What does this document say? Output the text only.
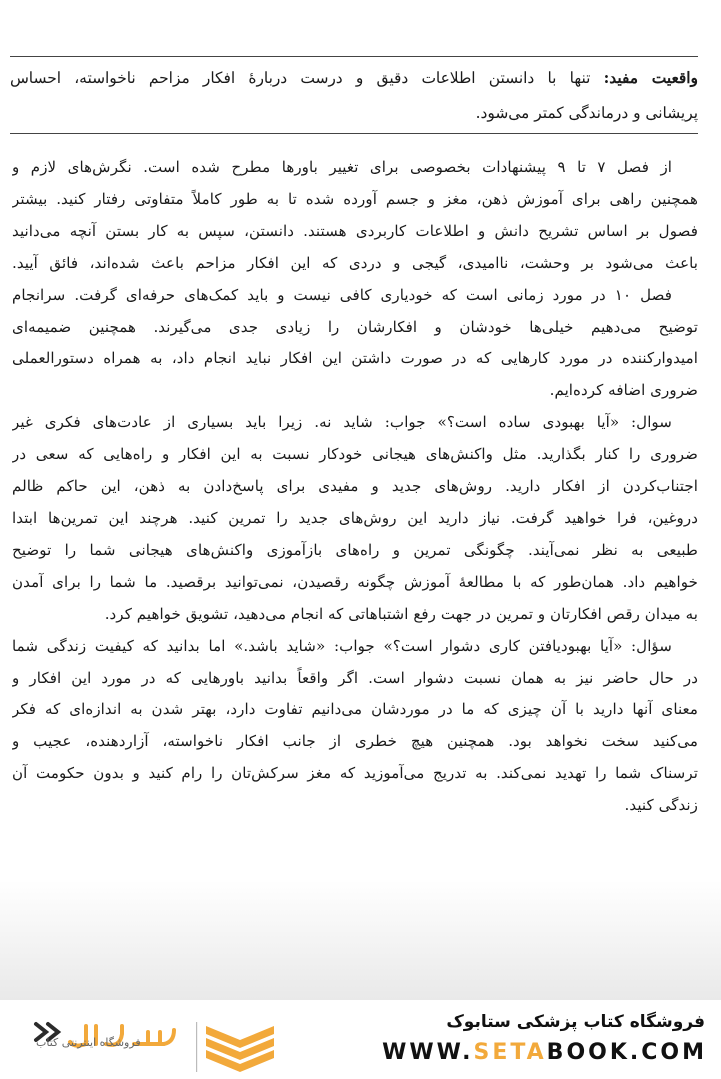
واقعیت مفید: تنها با دانستن اطلاعات دقیق و درست دربارهٔ افکار مزاحم ناخواسته، احساس
پریشانی و درماندگی کمتر می‌شود.
از فصل ۷ تا ۹ پیشنهادات بخصوصی برای تغییر باورها مطرح شده است. نگرش‌های لازم و
همچنین راهی برای آموزش ذهن، مغز و جسم آورده شده تا به طور کاملاً متفاوتی رفتار کنید. بیشتر
فصول بر اساس تشریح دانش و اطلاعات کاربردی هستند. دانستن، سپس به کار بستن آنچه می‌دانید
باعث می‌شود بر وحشت، ناامیدی، گیجی و دردی که این افکار مزاحم باعث شده‌اند، فائق آیید.
فصل ۱۰ در مورد زمانی است که خودیاری کافی نیست و باید کمک‌های حرفه‌ای گرفت. سرانجام
توضیح می‌دهیم خیلی‌ها خودشان و افکارشان را زیادی جدی می‌گیرند. همچنین ضمیمه‌ای
امیدوارکننده در مورد کارهایی که در صورت داشتن این افکار نباید انجام داد، به همراه دستورالعملی
ضروری اضافه کرده‌ایم.
سوال: «آیا بهبودی ساده است؟» جواب: شاید نه. زیرا باید بسیاری از عادت‌های فکری غیر
ضروری را کنار بگذارید. مثل واکنش‌های هیجانی خودکار نسبت به این افکار و راه‌هایی که سعی در
اجتناب‌کردن از افکار دارید. روش‌های جدید و مفیدی برای پاسخ‌دادن به ذهن، این حاکم ظالم
دروغین، فرا خواهید گرفت. نیاز دارید این روش‌های جدید را تمرین کنید. هرچند این تمرین‌ها ابتدا
طبیعی به نظر نمی‌آیند. چگونگی تمرین و راه‌های بازآموزی واکنش‌های هیجانی شما را توضیح
خواهیم داد. همان‌طور که با مطالعهٔ آموزش چگونه رقصیدن، نمی‌توانید برقصید. ما شما را برای آمدن
به میدان رقص افکارتان و تمرین در جهت رفع اشتباهاتی که انجام می‌دهید، تشویق خواهیم کرد.
سؤال: «آیا بهبودیافتن کاری دشوار است؟» جواب: «شاید باشد.» اما بدانید که کیفیت زندگی شما
در حال حاضر نیز به همان نسبت دشوار است. اگر واقعاً بدانید باورهایی که در مورد این افکار و
معنای آنها دارید با آن چیزی که ما در موردشان می‌دانیم تفاوت دارد، بهتر شدن به اندازه‌ای که فکر
می‌کنید سخت نخواهد بود. همچنین هیچ خطری از جانب افکار ناخواسته، آزاردهنده، عجیب و
ترسناک شما را تهدید نمی‌کند. به تدریج می‌آموزید که مغز سرکش‌تان را رام کنید و بدون حکومت آن
زندگی کنید.
فروشگاه اینترنتی کتاب
فروشگاه کتاب پزشکی ستابوک
WWW.SETABOOK.COM
